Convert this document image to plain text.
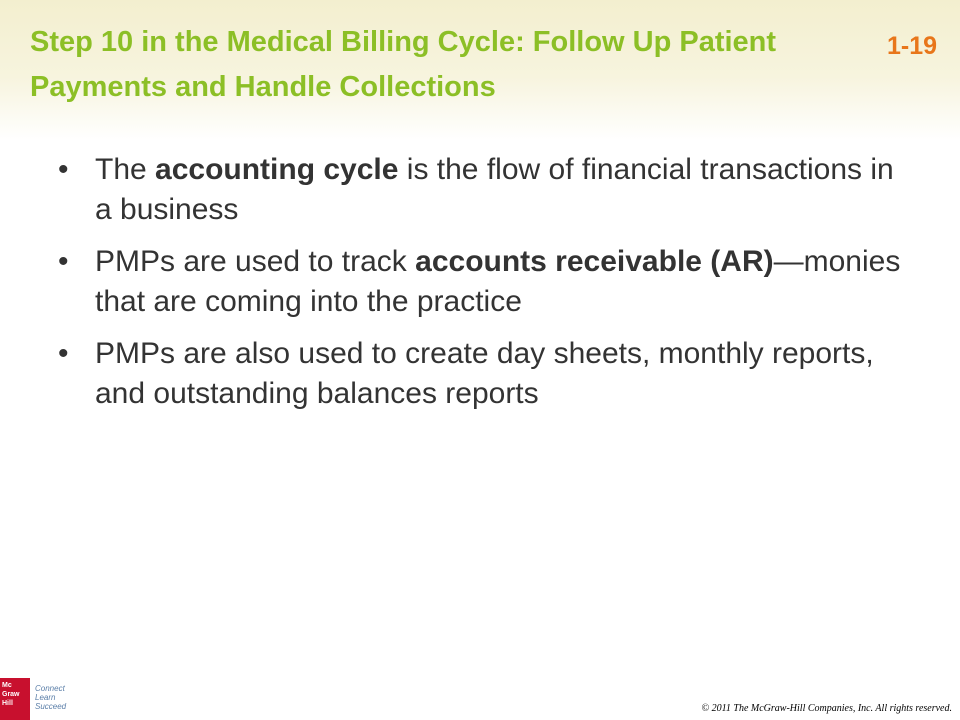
Step 10 in the Medical Billing Cycle: Follow Up Patient Payments and Handle Collections
1-19
• The accounting cycle is the flow of financial transactions in a business
• PMPs are used to track accounts receivable (AR)—monies that are coming into the practice
• PMPs are also used to create day sheets, monthly reports, and outstanding balances reports
Mc
Graw
Hill
Connect
Learn
Succeed	© 2011 The McGraw-Hill Companies, Inc. All rights reserved.
